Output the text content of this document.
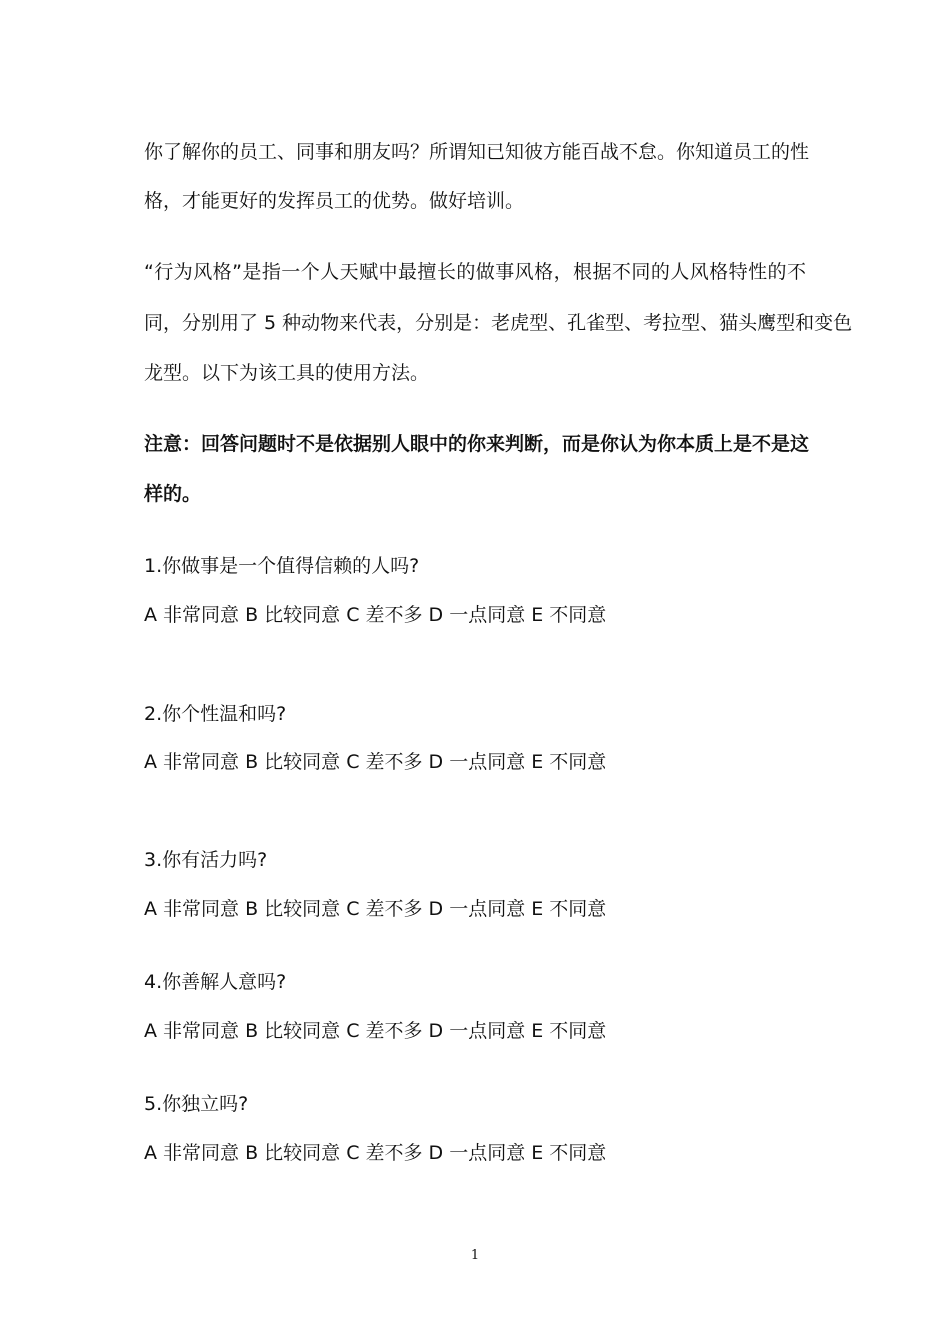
你了解你的员工、同事和朋友吗？所谓知已知彼方能百战不怠。你知道员工的性

格，才能更好的发挥员工的优势。做好培训。

“行为风格”是指一个人天赋中最擅长的做事风格，根据不同的人风格特性的不

同，分别用了 5 种动物来代表，分别是：老虎型、孔雀型、考拉型、猫头鹰型和变色

龙型。以下为该工具的使用方法。

注意：回答问题时不是依据别人眼中的你来判断，而是你认为你本质上是不是这

样的。

1.你做事是一个值得信赖的人吗?

A 非常同意 B 比较同意 C 差不多 D 一点同意 E 不同意

2.你个性温和吗?

A 非常同意 B 比较同意 C 差不多 D 一点同意 E 不同意

3.你有活力吗?

A 非常同意 B 比较同意 C 差不多 D 一点同意 E 不同意

4.你善解人意吗?

A 非常同意 B 比较同意 C 差不多 D 一点同意 E 不同意

5.你独立吗?

A 非常同意 B 比较同意 C 差不多 D 一点同意 E 不同意

1
